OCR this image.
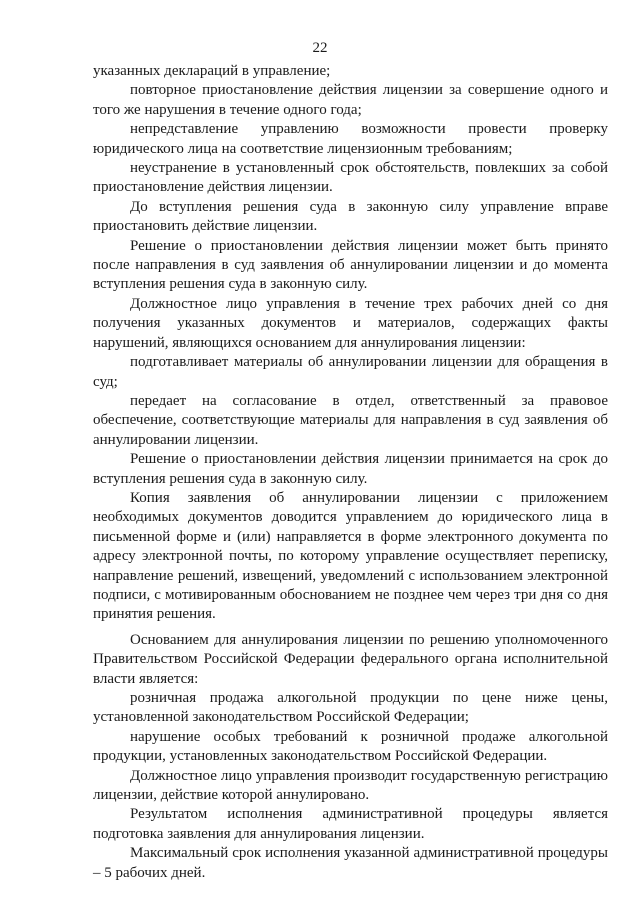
22

указанных деклараций в управление;

повторное приостановление действия лицензии за совершение одного и того же нарушения в течение одного года;

непредставление управлению возможности провести проверку юридического лица на соответствие лицензионным требованиям;

неустранение в установленный срок обстоятельств, повлекших за собой приостановление действия лицензии.

До вступления решения суда в законную силу управление вправе приостановить действие лицензии.

Решение о приостановлении действия лицензии может быть принято после направления в суд заявления об аннулировании лицензии и до момента вступления решения суда в законную силу.

Должностное лицо управления в течение трех рабочих дней со дня получения указанных документов и материалов, содержащих факты нарушений, являющихся основанием для аннулирования лицензии:

подготавливает материалы об аннулировании лицензии для обращения в суд;

передает на согласование в отдел, ответственный за правовое обеспечение, соответствующие материалы для направления в суд заявления об аннулировании лицензии.

Решение о приостановлении действия лицензии принимается на срок до вступления решения суда в законную силу.

Копия заявления об аннулировании лицензии с приложением необходимых документов доводится управлением до юридического лица в письменной форме и (или) направляется в форме электронного документа по адресу электронной почты, по которому управление осуществляет переписку, направление решений, извещений, уведомлений с использованием электронной подписи, с мотивированным обоснованием не позднее чем через три дня со дня принятия решения.

Основанием для аннулирования лицензии по решению уполномоченного Правительством Российской Федерации федерального органа исполнительной власти является:

розничная продажа алкогольной продукции по цене ниже цены, установленной законодательством Российской Федерации;

нарушение особых требований к розничной продаже алкогольной продукции, установленных законодательством Российской Федерации.

Должностное лицо управления производит государственную регистрацию лицензии, действие которой аннулировано.

Результатом исполнения административной процедуры является подготовка заявления для аннулирования лицензии.

Максимальный срок исполнения указанной административной процедуры – 5 рабочих дней.
